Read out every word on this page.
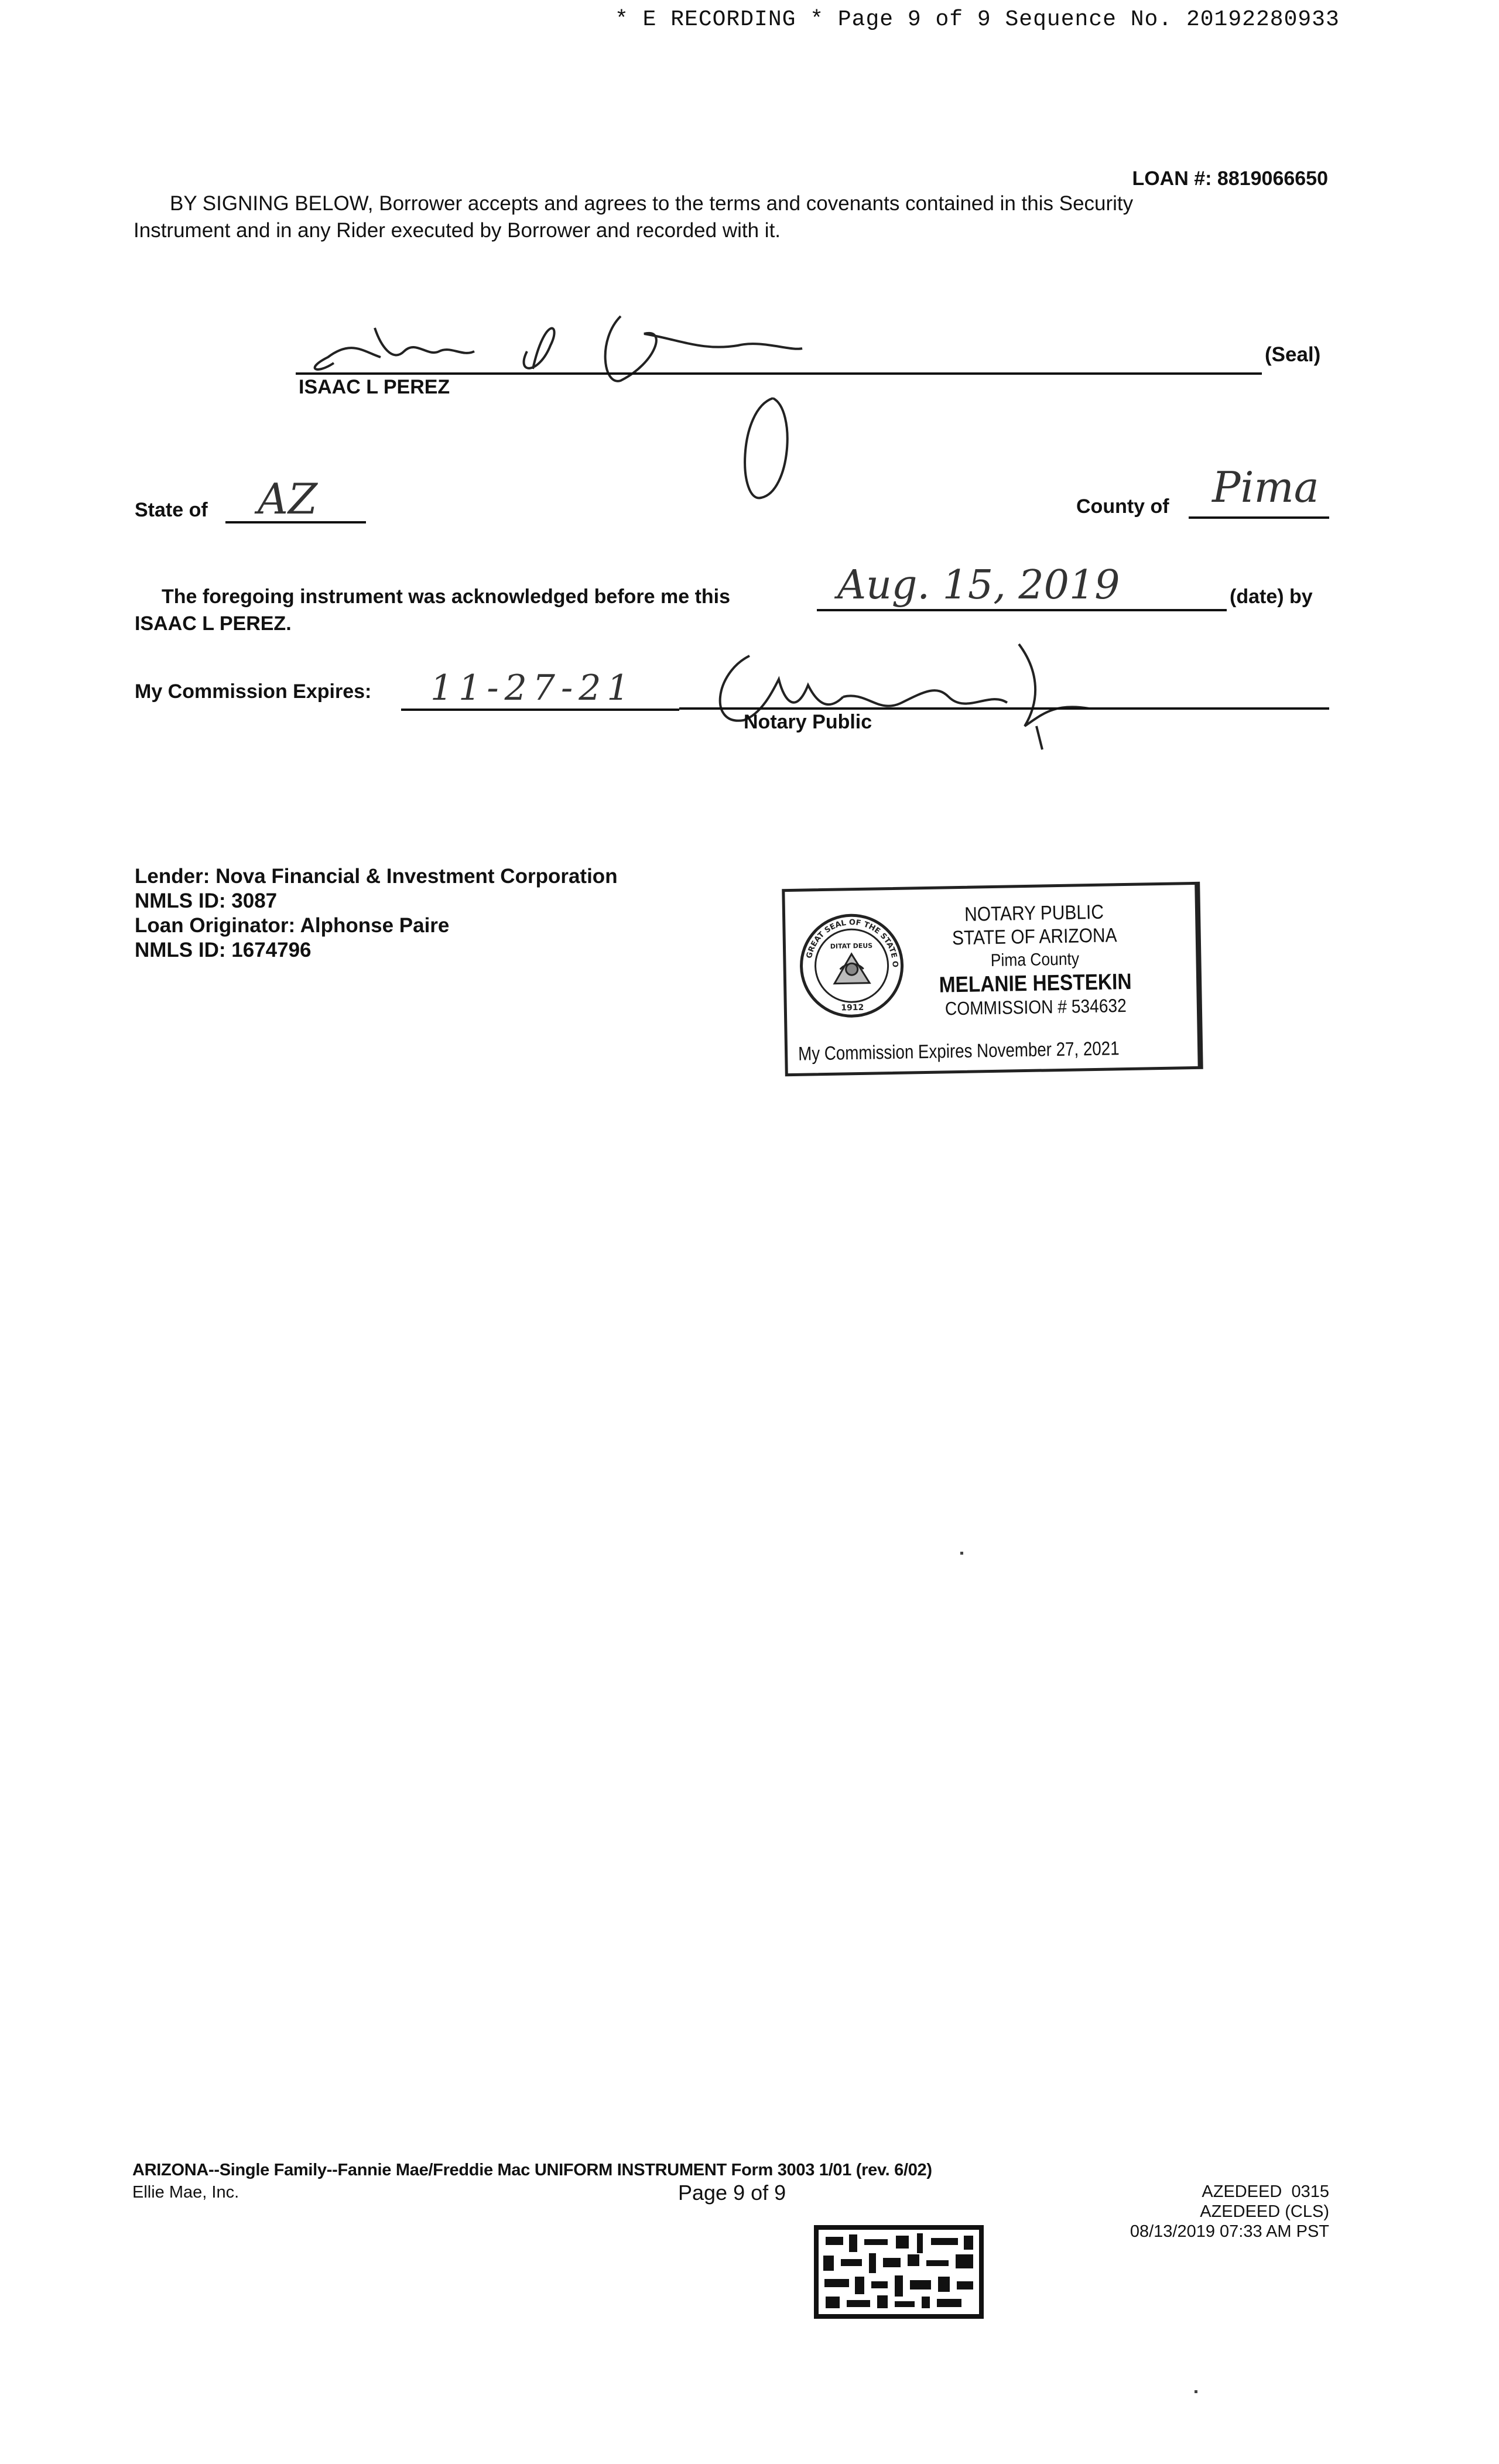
* E RECORDING * Page 9 of 9 Sequence No. 20192280933
LOAN #: 8819066650
BY SIGNING BELOW, Borrower accepts and agrees to the terms and covenants contained in this Security
Instrument and in any Rider executed by Borrower and recorded with it.
ISAAC L PEREZ
(Seal)
State of AZ	County of Pima
The foregoing instrument was acknowledged before me this	Aug. 15, 2019	(date) by
ISAAC L PEREZ.
My Commission Expires: 11-27-21
Notary Public
Lender: Nova Financial & Investment Corporation
NMLS ID: 3087
Loan Originator: Alphonse Paire
NMLS ID: 1674796	GREAT SEAL OF THE STATE OF ARIZONA
DITAT DEUS
1912
NOTARY PUBLIC
STATE OF ARIZONA
Pima County
MELANIE HESTEKIN
COMMISSION # 534632
My Commission Expires November 27, 2021
ARIZONA--Single Family--Fannie Mae/Freddie Mac UNIFORM INSTRUMENT Form 3003 1/01 (rev. 6/02)
Ellie Mae, Inc.	Page 9 of 9	AZEDEED  0315
AZEDEED (CLS)
08/13/2019 07:33 AM PST
